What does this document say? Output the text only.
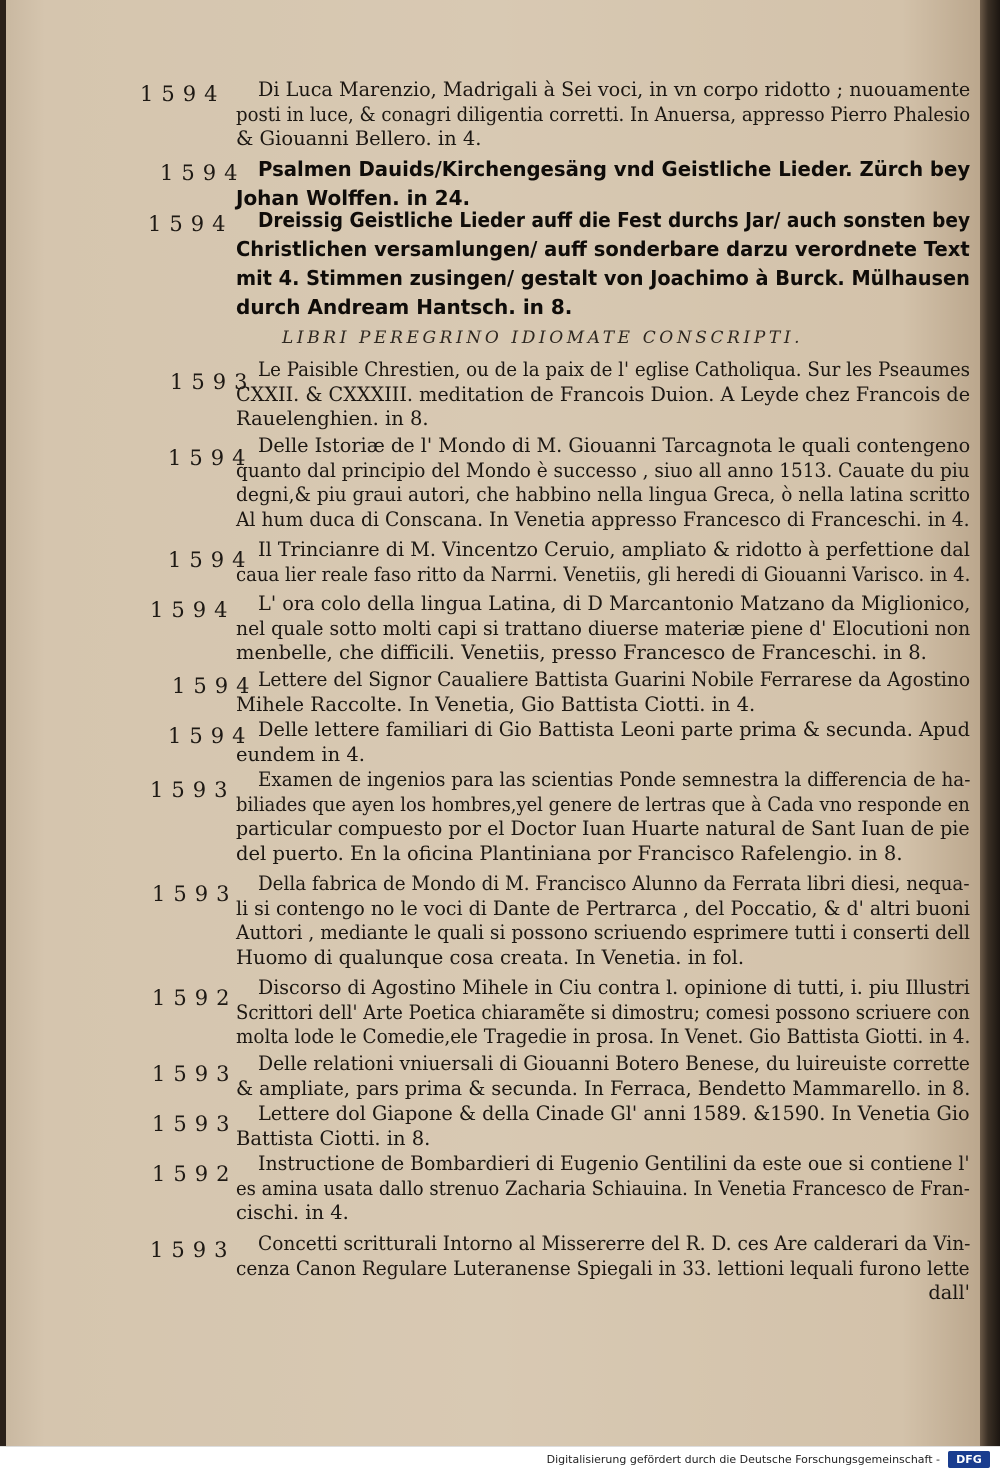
1594 Di Luca Marenzio, Madrigali à Sei voci, in vn corpo ridotto ; nuouamente
posti in luce, & conagri diligentia corretti. In Anuersa, appresso Pierro Phalesio
& Giouanni Bellero. in 4.
1594 Psalmen Dauids/Kirchengesäng vnd Geistliche Lieder. Zürch bey
Johan Wolffen. in 24.
1594 Dreissig Geistliche Lieder auff die Fest durchs Jar/ auch sonsten bey
Christlichen versamlungen/ auff sonderbare darzu verordnete Text
mit 4. Stimmen zusingen/ gestalt von Joachimo à Burck. Mülhausen
durch Andream Hantsch. in 8.
LIBRI PEREGRINO IDIOMATE CONSCRIPTI.
1593
Le Paisible Chrestien, ou de la paix de l' eglise Catholiqua. Sur les Pseaumes
CXXII. & CXXXIII. meditation de Francois Duion. A Leyde chez Francois de
Rauelenghien. in 8.
1594
Delle Istoriæ de l' Mondo di M. Giouanni Tarcagnota le quali contengeno
quanto dal principio del Mondo è successo , siuo all anno 1513. Cauate du piu
degni,& piu graui autori, che habbino nella lingua Greca, ò nella latina scritto
Al hum duca di Conscana. In Venetia appresso Francesco di Franceschi. in 4.
1594 Il Trincianre di M. Vincentzo Ceruio, ampliato & ridotto à perfettione dal
caua lier reale faso ritto da Narrni. Venetiis, gli heredi di Giouanni Varisco. in 4.
1594 L' ora colo della lingua Latina, di D Marcantonio Matzano da Miglionico,
nel quale sotto molti capi si trattano diuerse materiæ piene d' Elocutioni non
menbelle, che difficili. Venetiis, presso Francesco de Franceschi. in 8.
1594 Lettere del Signor Caualiere Battista Guarini Nobile Ferrarese da Agostino
Mihele Raccolte. In Venetia, Gio Battista Ciotti. in 4.
1594 Delle lettere familiari di Gio Battista Leoni parte prima & secunda. Apud
eundem in 4.
1593 Examen de ingenios para las scientias Ponde semnestra la differencia de ha-
biliades que ayen los hombres,yel genere de lertras que à Cada vno responde en
particular compuesto por el Doctor Iuan Huarte natural de Sant Iuan de pie
del puerto. En la oficina Plantiniana por Francisco Rafelengio. in 8.
1593 Della fabrica de Mondo di M. Francisco Alunno da Ferrata libri diesi, nequa-
li si contengo no le voci di Dante de Pertrarca , del Poccatio, & d' altri buoni
Auttori , mediante le quali si possono scriuendo esprimere tutti i conserti dell
Huomo di qualunque cosa creata. In Venetia. in fol.
1592 Discorso di Agostino Mihele in Ciu contra l. opinione di tutti, i. piu Illustri
Scrittori dell' Arte Poetica chiaramẽte si dimostru; comesi possono scriuere con
molta lode le Comedie,ele Tragedie in prosa. In Venet. Gio Battista Giotti. in 4.
1593 Delle relationi vniuersali di Giouanni Botero Benese, du luireuiste corrette
& ampliate, pars prima & secunda. In Ferraca, Bendetto Mammarello. in 8.
1593 Lettere dol Giapone & della Cinade Gl' anni 1589. &1590. In Venetia Gio
Battista Ciotti. in 8.
1592 Instructione de Bombardieri di Eugenio Gentilini da este oue si contiene l'
es amina usata dallo strenuo Zacharia Schiauina. In Venetia Francesco de Fran-
cischi. in 4.
1593 Concetti scritturali Intorno al Missererre del R. D. ces Are calderari da Vin-
cenza Canon Regulare Luteranense Spiegali in 33. lettioni lequali furono lette
dall'
Digitalisierung gefördert durch die Deutsche Forschungsgemeinschaft -	DFG
